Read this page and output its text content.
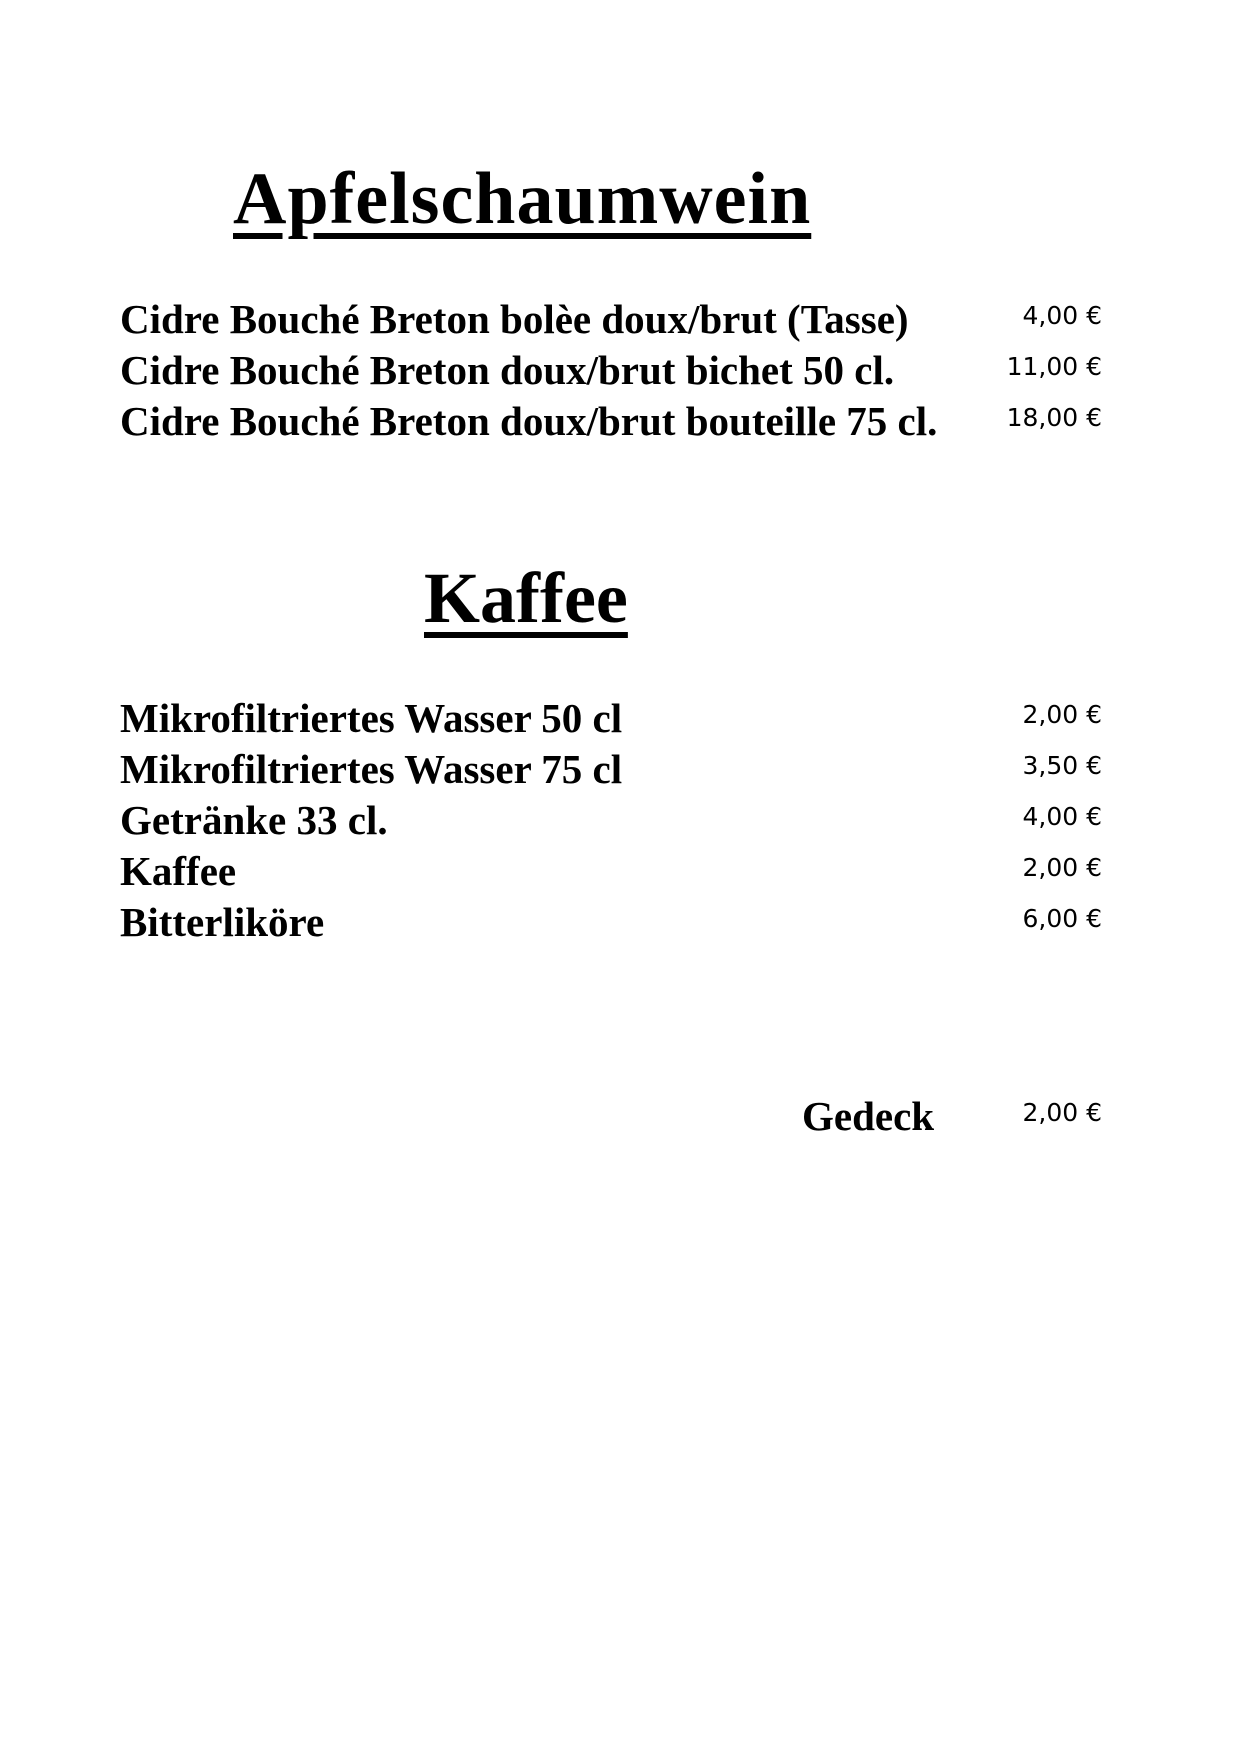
Apfelschaumwein
Cidre Bouché Breton bolèe doux/brut (Tasse)	4,00 €
Cidre Bouché Breton doux/brut bichet 50 cl.	11,00 €
Cidre Bouché Breton doux/brut bouteille 75 cl.	18,00 €
Kaffee
Mikrofiltriertes Wasser 50 cl	2,00 €
Mikrofiltriertes Wasser 75 cl	3,50 €
Getränke 33 cl.	4,00 €
Kaffee	2,00 €
Bitterliköre	6,00 €
Gedeck	2,00 €
